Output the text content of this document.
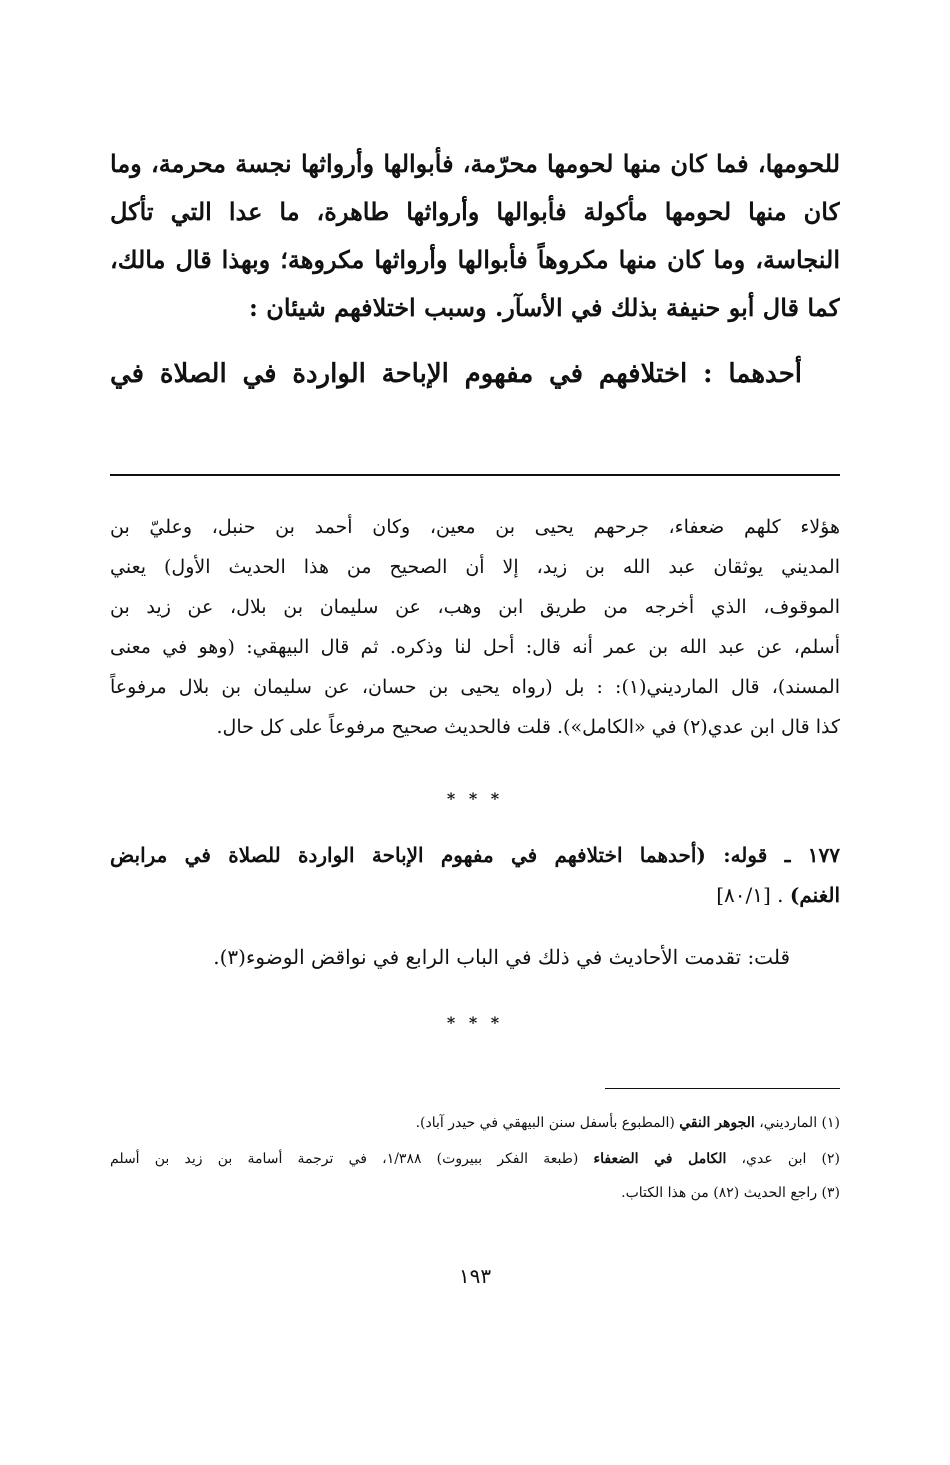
للحومها، فما كان منها لحومها محرّمة، فأبوالها وأرواثها نجسة محرمة، وما
كان منها لحومها مأكولة فأبوالها وأرواثها طاهرة، ما عدا التي تأكل
النجاسة، وما كان منها مكروهاً فأبوالها وأرواثها مكروهة؛ وبهذا قال مالك،
كما قال أبو حنيفة بذلك في الأسآر. وسبب اختلافهم شيئان :
أحدهما : اختلافهم في مفهوم الإباحة الواردة في الصلاة في
هؤلاء كلهم ضعفاء، جرحهم يحيى بن معين، وكان أحمد بن حنبل، وعليّ بن
المديني يوثقان عبد الله بن زيد، إلا أن الصحيح من هذا الحديث الأول) يعني
الموقوف، الذي أخرجه من طريق ابن وهب، عن سليمان بن بلال، عن زيد بن
أسلم، عن عبد الله بن عمر أنه قال: أحل لنا وذكره. ثم قال البيهقي: (وهو في معنى
المسند)، قال المارديني(١): : بل (رواه يحيى بن حسان، عن سليمان بن بلال مرفوعاً
كذا قال ابن عدي(٢) في «الكامل»). قلت فالحديث صحيح مرفوعاً على كل حال.
* * *
١٧٧ ـ قوله: (أحدهما اختلافهم في مفهوم الإباحة الواردة للصلاة في مرابض
الغنم) . [٨٠/١]
قلت: تقدمت الأحاديث في ذلك في الباب الرابع في نواقض الوضوء(٣).
* * *
(١) المارديني، الجوهر النقي (المطبوع بأسفل سنن البيهقي في حيدر آباد).
(٢) ابن عدي، الكامل في الضعفاء (طبعة الفكر ببيروت) ١/٣٨٨، في ترجمة أسامة بن زيد بن أسلم
(٣) راجع الحديث (٨٢) من هذا الكتاب.
١٩٣
